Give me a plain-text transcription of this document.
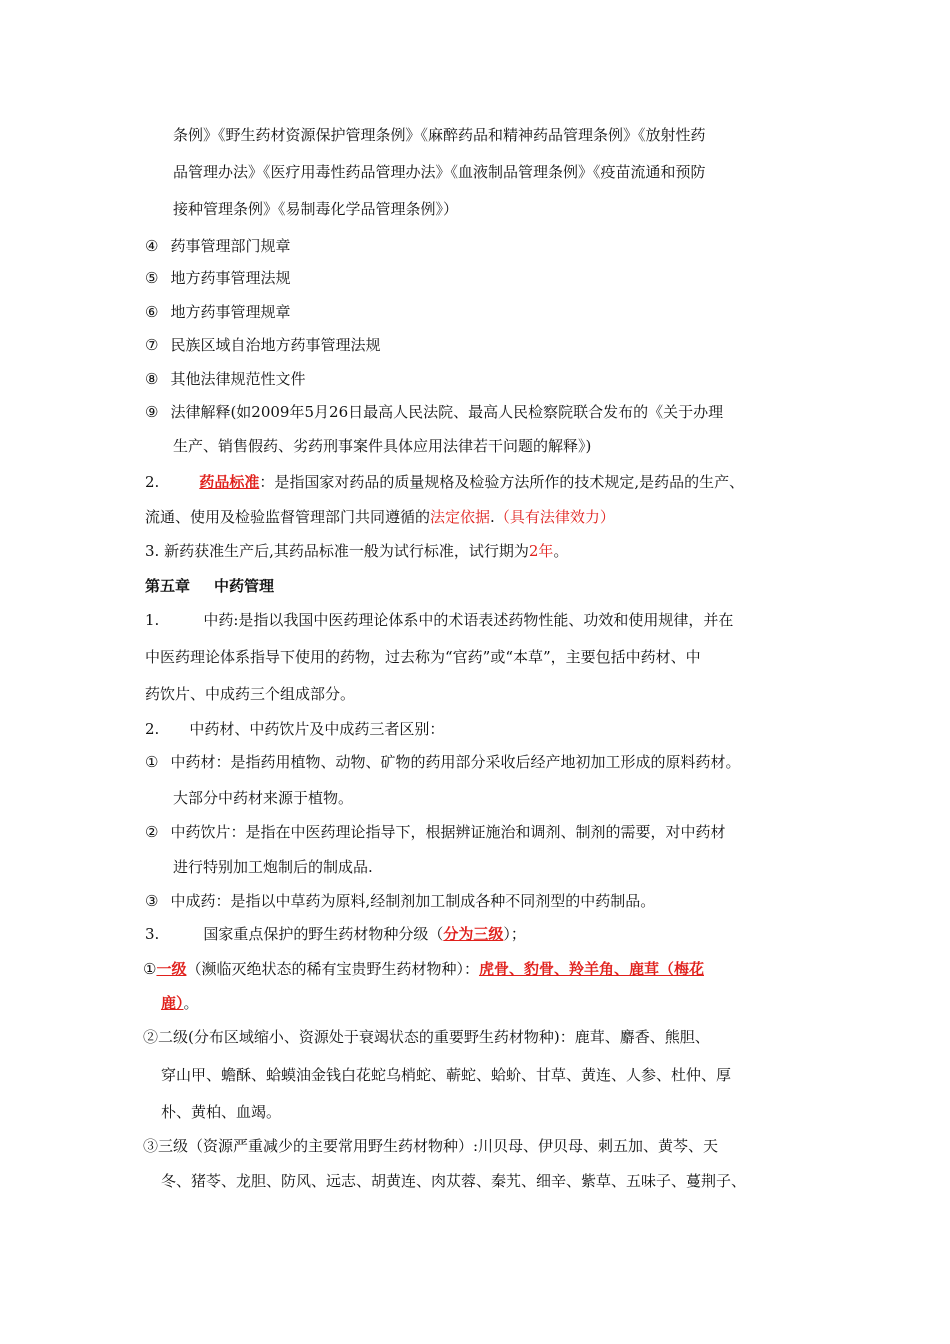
条例》《野生药材资源保护管理条例》《麻醉药品和精神药品管理条例》《放射性药
品管理办法》《医疗用毒性药品管理办法》《血液制品管理条例》《疫苗流通和预防
接种管理条例》《易制毒化学品管理条例》）
④ 药事管理部门规章
⑤ 地方药事管理法规
⑥ 地方药事管理规章
⑦ 民族区域自治地方药事管理法规
⑧ 其他法律规范性文件
⑨ 法律解释(如2009年5月26日最高人民法院、最高人民检察院联合发布的《关于办理
生产、销售假药、劣药刑事案件具体应用法律若干问题的解释》)
2.	药品标准：是指国家对药品的质量规格及检验方法所作的技术规定,是药品的生产、
流通、使用及检验监督管理部门共同遵循的法定依据.（具有法律效力）
3. 新药获准生产后,其药品标准一般为试行标准，试行期为2年。
第五章 中药管理
1.	中药:是指以我国中医药理论体系中的术语表述药物性能、功效和使用规律，并在
中医药理论体系指导下使用的药物，过去称为“官药”或“本草”，主要包括中药材、中
药饮片、中成药三个组成部分。
2. 中药材、中药饮片及中成药三者区别：
① 中药材：是指药用植物、动物、矿物的药用部分采收后经产地初加工形成的原料药材。
大部分中药材来源于植物。
② 中药饮片：是指在中医药理论指导下，根据辨证施治和调剂、制剂的需要，对中药材
进行特别加工炮制后的制成品.
③ 中成药：是指以中草药为原料,经制剂加工制成各种不同剂型的中药制品。
3.	国家重点保护的野生药材物种分级（分为三级）；
①一级（濒临灭绝状态的稀有宝贵野生药材物种）：虎骨、豹骨、羚羊角、鹿茸（梅花
鹿）。
②二级(分布区域缩小、资源处于衰竭状态的重要野生药材物种)：鹿茸、麝香、熊胆、
穿山甲、蟾酥、蛤蟆油金钱白花蛇乌梢蛇、蕲蛇、蛤蚧、甘草、黄连、人参、杜仲、厚
朴、黄柏、血竭。
③三级（资源严重减少的主要常用野生药材物种）:川贝母、伊贝母、刺五加、黄芩、天
冬、猪苓、龙胆、防风、远志、胡黄连、肉苁蓉、秦艽、细辛、紫草、五味子、蔓荆子、
